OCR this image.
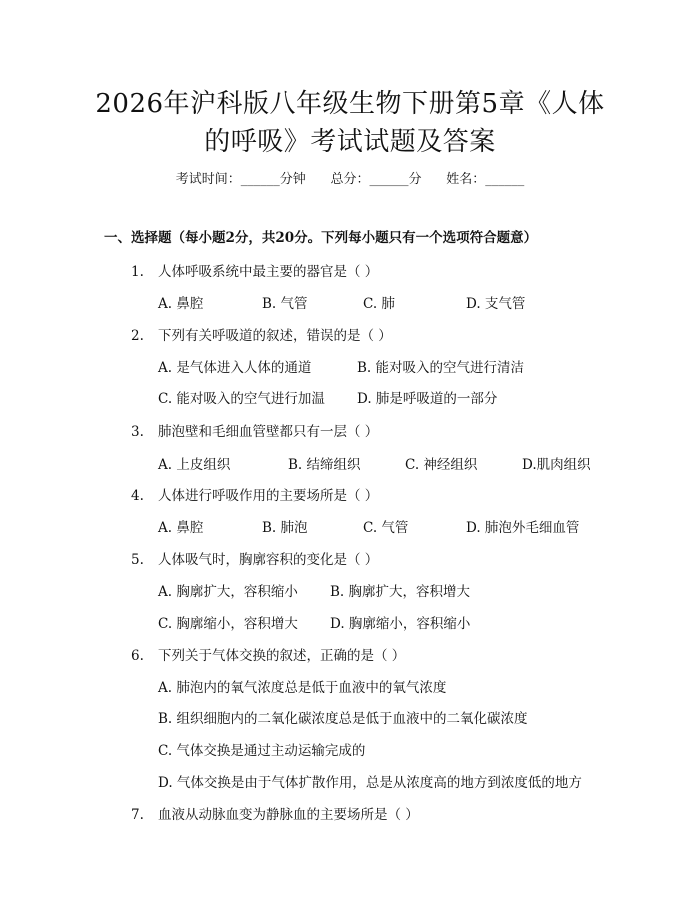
2026年沪科版八年级生物下册第5章《人体
的呼吸》考试试题及答案
考试时间：______分钟      总分：______分      姓名：______
一、选择题（每小题2分，共20分。下列每小题只有一个选项符合题意）
1. 人体呼吸系统中最主要的器官是（ ）
A. 鼻腔	B. 气管	C. 肺	D. 支气管
2. 下列有关呼吸道的叙述，错误的是（ ）
A. 是气体进入人体的通道	B. 能对吸入的空气进行清洁
C. 能对吸入的空气进行加温 D. 肺是呼吸道的一部分
3. 肺泡壁和毛细血管壁都只有一层（ ）
A. 上皮组织	B. 结缔组织	C. 神经组织	D.肌肉组织
4. 人体进行呼吸作用的主要场所是（ ）
A. 鼻腔	B. 肺泡	C. 气管	D. 肺泡外毛细血管
5. 人体吸气时，胸廓容积的变化是（ ）
A. 胸廓扩大，容积缩小 B. 胸廓扩大，容积增大
C. 胸廓缩小，容积增大 D. 胸廓缩小，容积缩小
6. 下列关于气体交换的叙述，正确的是（ ）
A. 肺泡内的氧气浓度总是低于血液中的氧气浓度
B. 组织细胞内的二氧化碳浓度总是低于血液中的二氧化碳浓度
C. 气体交换是通过主动运输完成的
D. 气体交换是由于气体扩散作用，总是从浓度高的地方到浓度低的地方
7. 血液从动脉血变为静脉血的主要场所是（ ）
